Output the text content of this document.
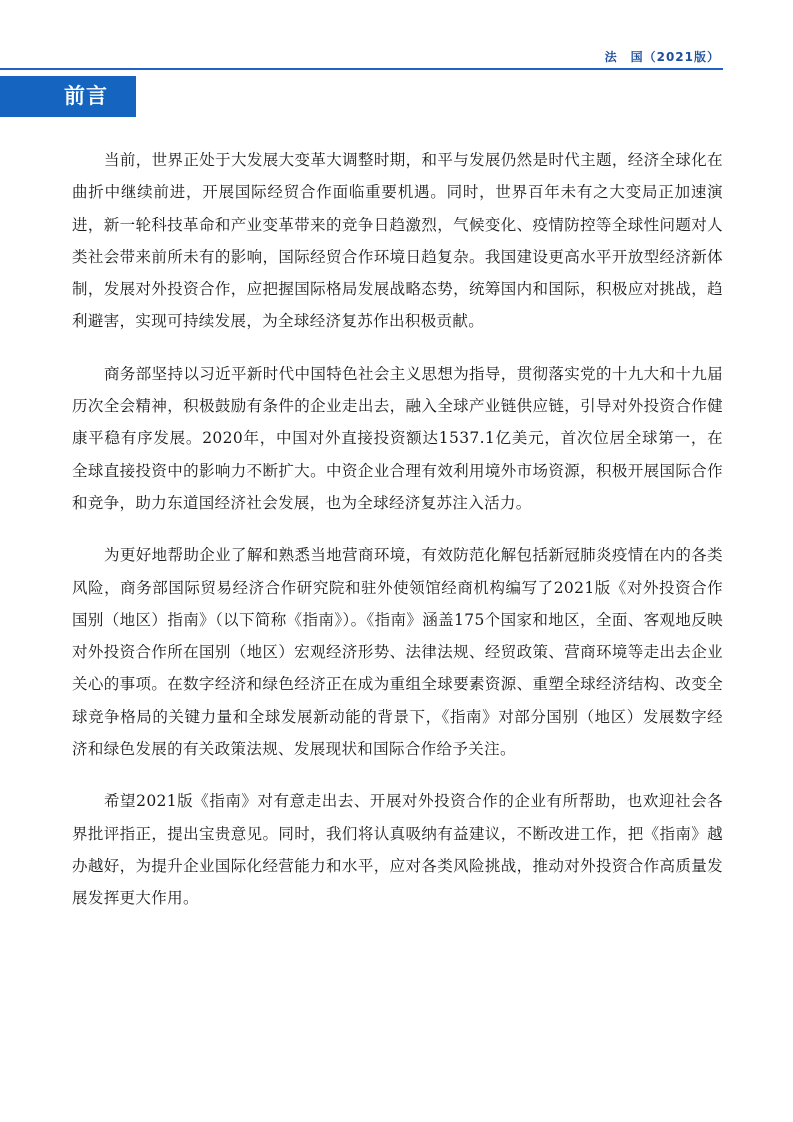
法　国（2021版）
前言

当前，世界正处于大发展大变革大调整时期，和平与发展仍然是时代主题，经济全球化在曲折中继续前进，开展国际经贸合作面临重要机遇。同时，世界百年未有之大变局正加速演进，新一轮科技革命和产业变革带来的竞争日趋激烈，气候变化、疫情防控等全球性问题对人类社会带来前所未有的影响，国际经贸合作环境日趋复杂。我国建设更高水平开放型经济新体制，发展对外投资合作，应把握国际格局发展战略态势，统筹国内和国际，积极应对挑战，趋利避害，实现可持续发展，为全球经济复苏作出积极贡献。

商务部坚持以习近平新时代中国特色社会主义思想为指导，贯彻落实党的十九大和十九届历次全会精神，积极鼓励有条件的企业走出去，融入全球产业链供应链，引导对外投资合作健康平稳有序发展。2020年，中国对外直接投资额达1537.1亿美元，首次位居全球第一，在全球直接投资中的影响力不断扩大。中资企业合理有效利用境外市场资源，积极开展国际合作和竞争，助力东道国经济社会发展，也为全球经济复苏注入活力。

为更好地帮助企业了解和熟悉当地营商环境，有效防范化解包括新冠肺炎疫情在内的各类风险，商务部国际贸易经济合作研究院和驻外使领馆经商机构编写了2021版《对外投资合作国别（地区）指南》（以下简称《指南》）。《指南》涵盖175个国家和地区，全面、客观地反映对外投资合作所在国别（地区）宏观经济形势、法律法规、经贸政策、营商环境等走出去企业关心的事项。在数字经济和绿色经济正在成为重组全球要素资源、重塑全球经济结构、改变全球竞争格局的关键力量和全球发展新动能的背景下，《指南》对部分国别（地区）发展数字经济和绿色发展的有关政策法规、发展现状和国际合作给予关注。

希望2021版《指南》对有意走出去、开展对外投资合作的企业有所帮助，也欢迎社会各界批评指正，提出宝贵意见。同时，我们将认真吸纳有益建议，不断改进工作，把《指南》越办越好，为提升企业国际化经营能力和水平，应对各类风险挑战，推动对外投资合作高质量发展发挥更大作用。
